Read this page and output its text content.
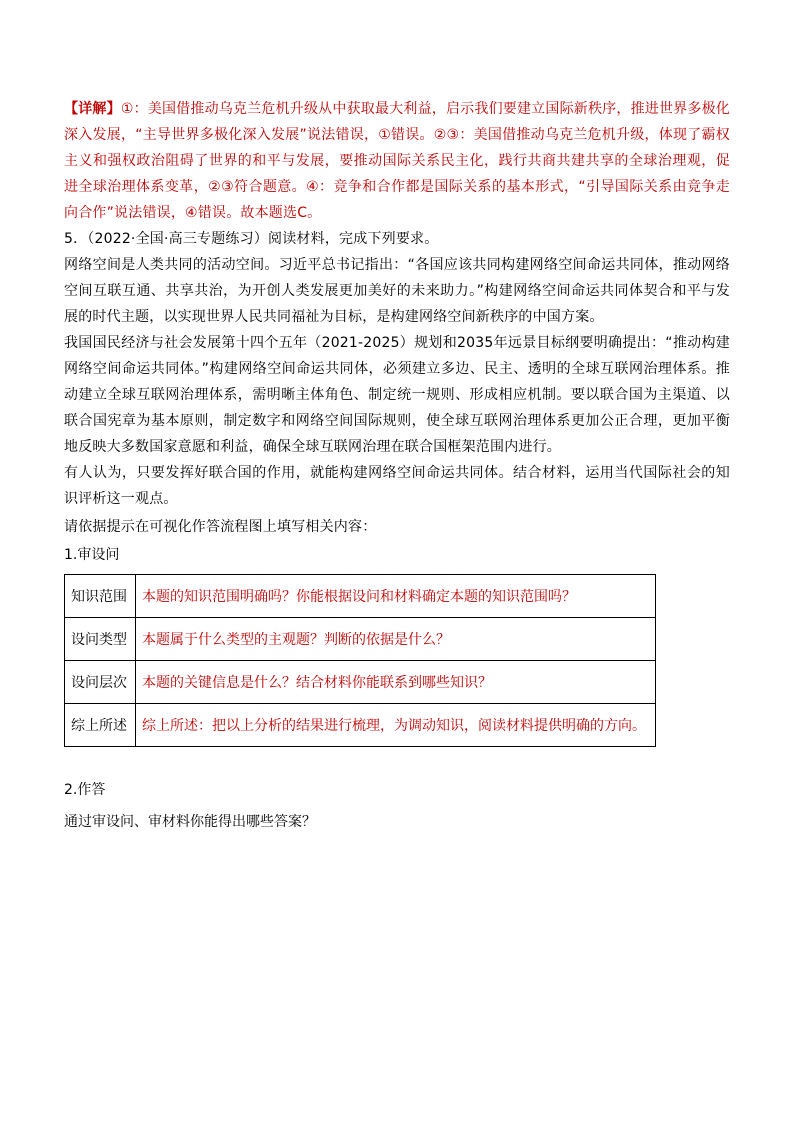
【详解】①：美国借推动乌克兰危机升级从中获取最大利益，启示我们要建立国际新秩序，推进世界多极化深入发展，“主导世界多极化深入发展”说法错误，①错误。②③：美国借推动乌克兰危机升级，体现了霸权主义和强权政治阻碍了世界的和平与发展，要推动国际关系民主化，践行共商共建共享的全球治理观，促进全球治理体系变革，②③符合题意。④：竞争和合作都是国际关系的基本形式，“引导国际关系由竞争走向合作”说法错误，④错误。故本题选C。

5．（2022·全国·高三专题练习）阅读材料，完成下列要求。

网络空间是人类共同的活动空间。习近平总书记指出：“各国应该共同构建网络空间命运共同体，推动网络空间互联互通、共享共治，为开创人类发展更加美好的未来助力。”构建网络空间命运共同体契合和平与发展的时代主题，以实现世界人民共同福祉为目标，是构建网络空间新秩序的中国方案。

我国国民经济与社会发展第十四个五年（2021-2025）规划和2035年远景目标纲要明确提出：“推动构建网络空间命运共同体。”构建网络空间命运共同体，必须建立多边、民主、透明的全球互联网治理体系。推动建立全球互联网治理体系，需明晰主体角色、制定统一规则、形成相应机制。要以联合国为主渠道、以联合国宪章为基本原则，制定数字和网络空间国际规则，使全球互联网治理体系更加公正合理，更加平衡地反映大多数国家意愿和利益，确保全球互联网治理在联合国框架范围内进行。

有人认为，只要发挥好联合国的作用，就能构建网络空间命运共同体。结合材料，运用当代国际社会的知识评析这一观点。

请依据提示在可视化作答流程图上填写相关内容：

1.审设问

知识范围	本题的知识范围明确吗？你能根据设问和材料确定本题的知识范围吗？
设问类型	本题属于什么类型的主观题？判断的依据是什么？
设问层次	本题的关键信息是什么？结合材料你能联系到哪些知识？
综上所述	综上所述：把以上分析的结果进行梳理，为调动知识，阅读材料提供明确的方向。

2.作答

通过审设问、审材料你能得出哪些答案？
